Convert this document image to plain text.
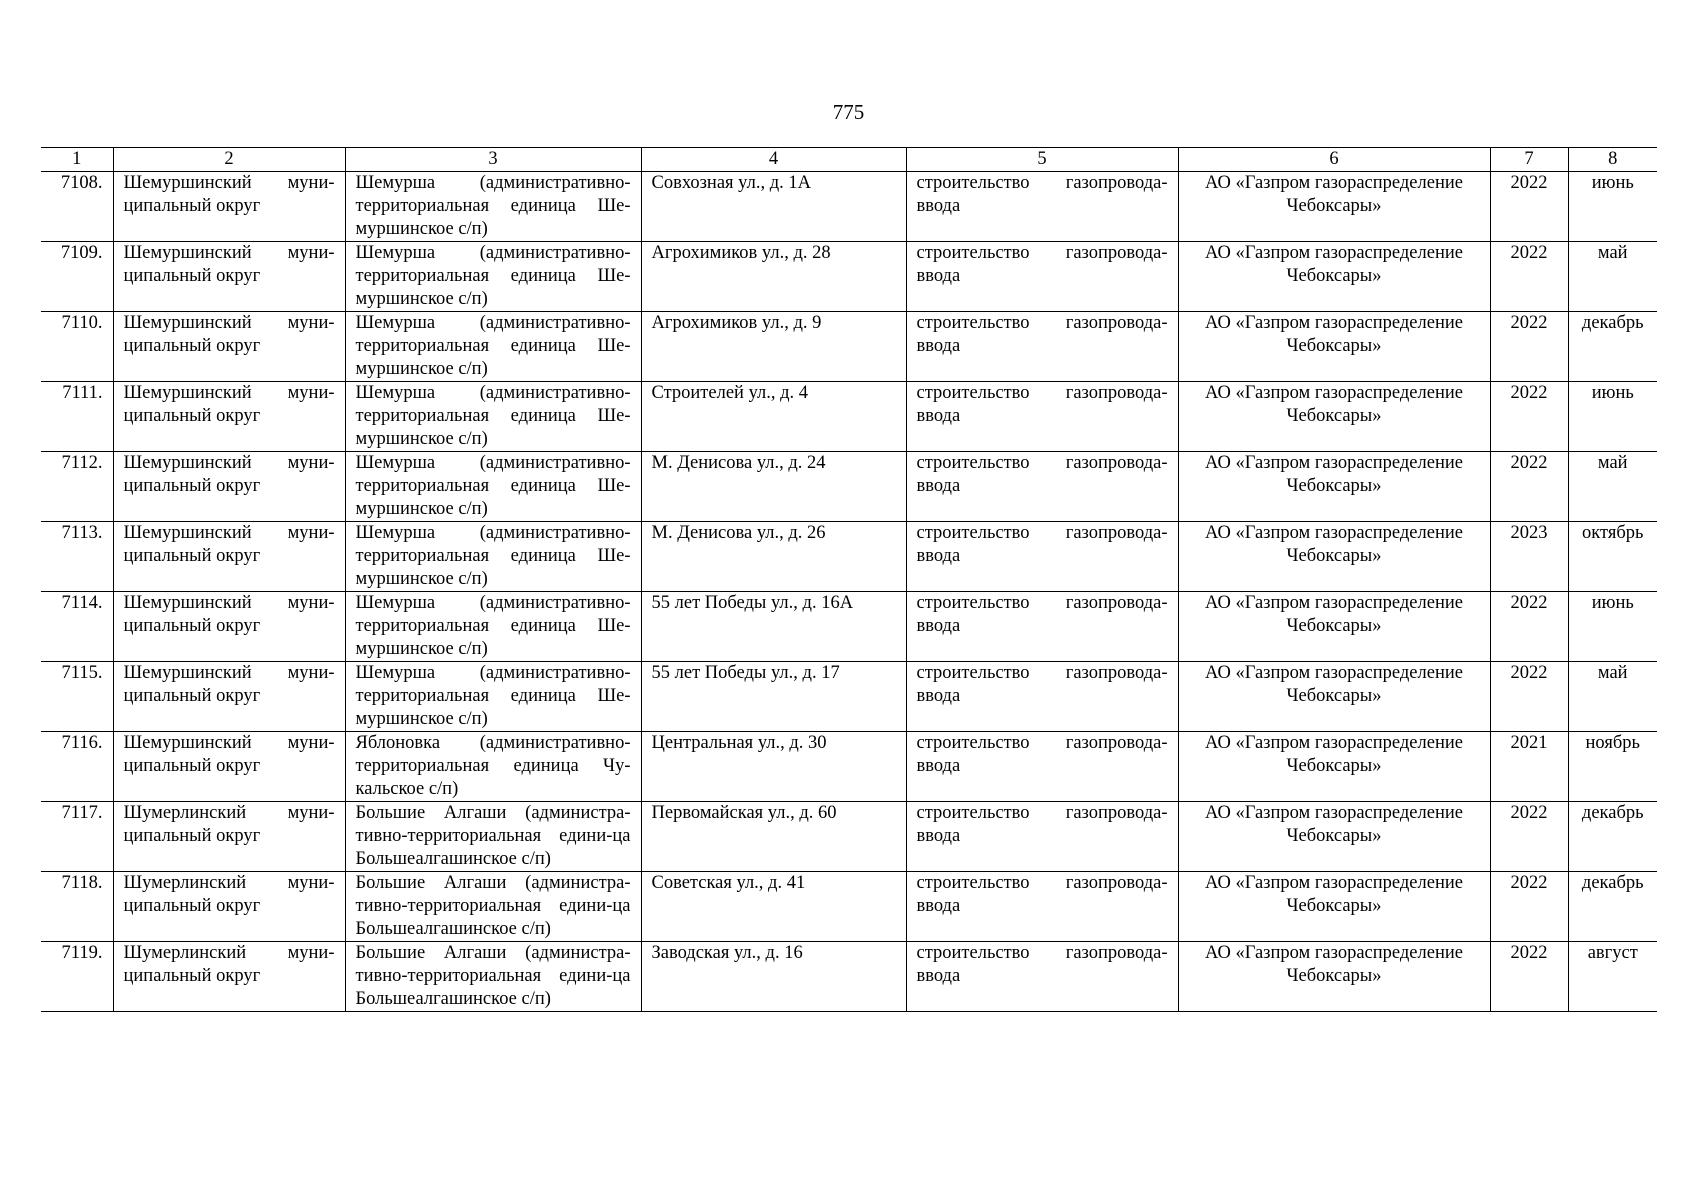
775
1	2	3	4	5	6	7	8
7108.	Шемуршинский муни-ципальный округ	Шемурша (административно-территориальная единица Ше-муршинское с/п)	Совхозная ул., д. 1А	строительство газопровода-ввода	АО «Газпром газораспределение Чебоксары»	2022	июнь
7109.	Шемуршинский муни-ципальный округ	Шемурша (административно-территориальная единица Ше-муршинское с/п)	Агрохимиков ул., д. 28	строительство газопровода-ввода	АО «Газпром газораспределение Чебоксары»	2022	май
7110.	Шемуршинский муни-ципальный округ	Шемурша (административно-территориальная единица Ше-муршинское с/п)	Агрохимиков ул., д. 9	строительство газопровода-ввода	АО «Газпром газораспределение Чебоксары»	2022	декабрь
7111.	Шемуршинский муни-ципальный округ	Шемурша (административно-территориальная единица Ше-муршинское с/п)	Строителей ул., д. 4	строительство газопровода-ввода	АО «Газпром газораспределение Чебоксары»	2022	июнь
7112.	Шемуршинский муни-ципальный округ	Шемурша (административно-территориальная единица Ше-муршинское с/п)	М. Денисова ул., д. 24	строительство газопровода-ввода	АО «Газпром газораспределение Чебоксары»	2022	май
7113.	Шемуршинский муни-ципальный округ	Шемурша (административно-территориальная единица Ше-муршинское с/п)	М. Денисова ул., д. 26	строительство газопровода-ввода	АО «Газпром газораспределение Чебоксары»	2023	октябрь
7114.	Шемуршинский муни-ципальный округ	Шемурша (административно-территориальная единица Ше-муршинское с/п)	55 лет Победы ул., д. 16А	строительство газопровода-ввода	АО «Газпром газораспределение Чебоксары»	2022	июнь
7115.	Шемуршинский муни-ципальный округ	Шемурша (административно-территориальная единица Ше-муршинское с/п)	55 лет Победы ул., д. 17	строительство газопровода-ввода	АО «Газпром газораспределение Чебоксары»	2022	май
7116.	Шемуршинский муни-ципальный округ	Яблоновка (административно-территориальная единица Чу-кальское с/п)	Центральная ул., д. 30	строительство газопровода-ввода	АО «Газпром газораспределение Чебоксары»	2021	ноябрь
7117.	Шумерлинский муни-ципальный округ	Большие Алгаши (администра-тивно-территориальная едини-ца Большеалгашинское с/п)	Первомайская ул., д. 60	строительство газопровода-ввода	АО «Газпром газораспределение Чебоксары»	2022	декабрь
7118.	Шумерлинский муни-ципальный округ	Большие Алгаши (администра-тивно-территориальная едини-ца Большеалгашинское с/п)	Советская ул., д. 41	строительство газопровода-ввода	АО «Газпром газораспределение Чебоксары»	2022	декабрь
7119.	Шумерлинский муни-ципальный округ	Большие Алгаши (администра-тивно-территориальная едини-ца Большеалгашинское с/п)	Заводская ул., д. 16	строительство газопровода-ввода	АО «Газпром газораспределение Чебоксары»	2022	август
